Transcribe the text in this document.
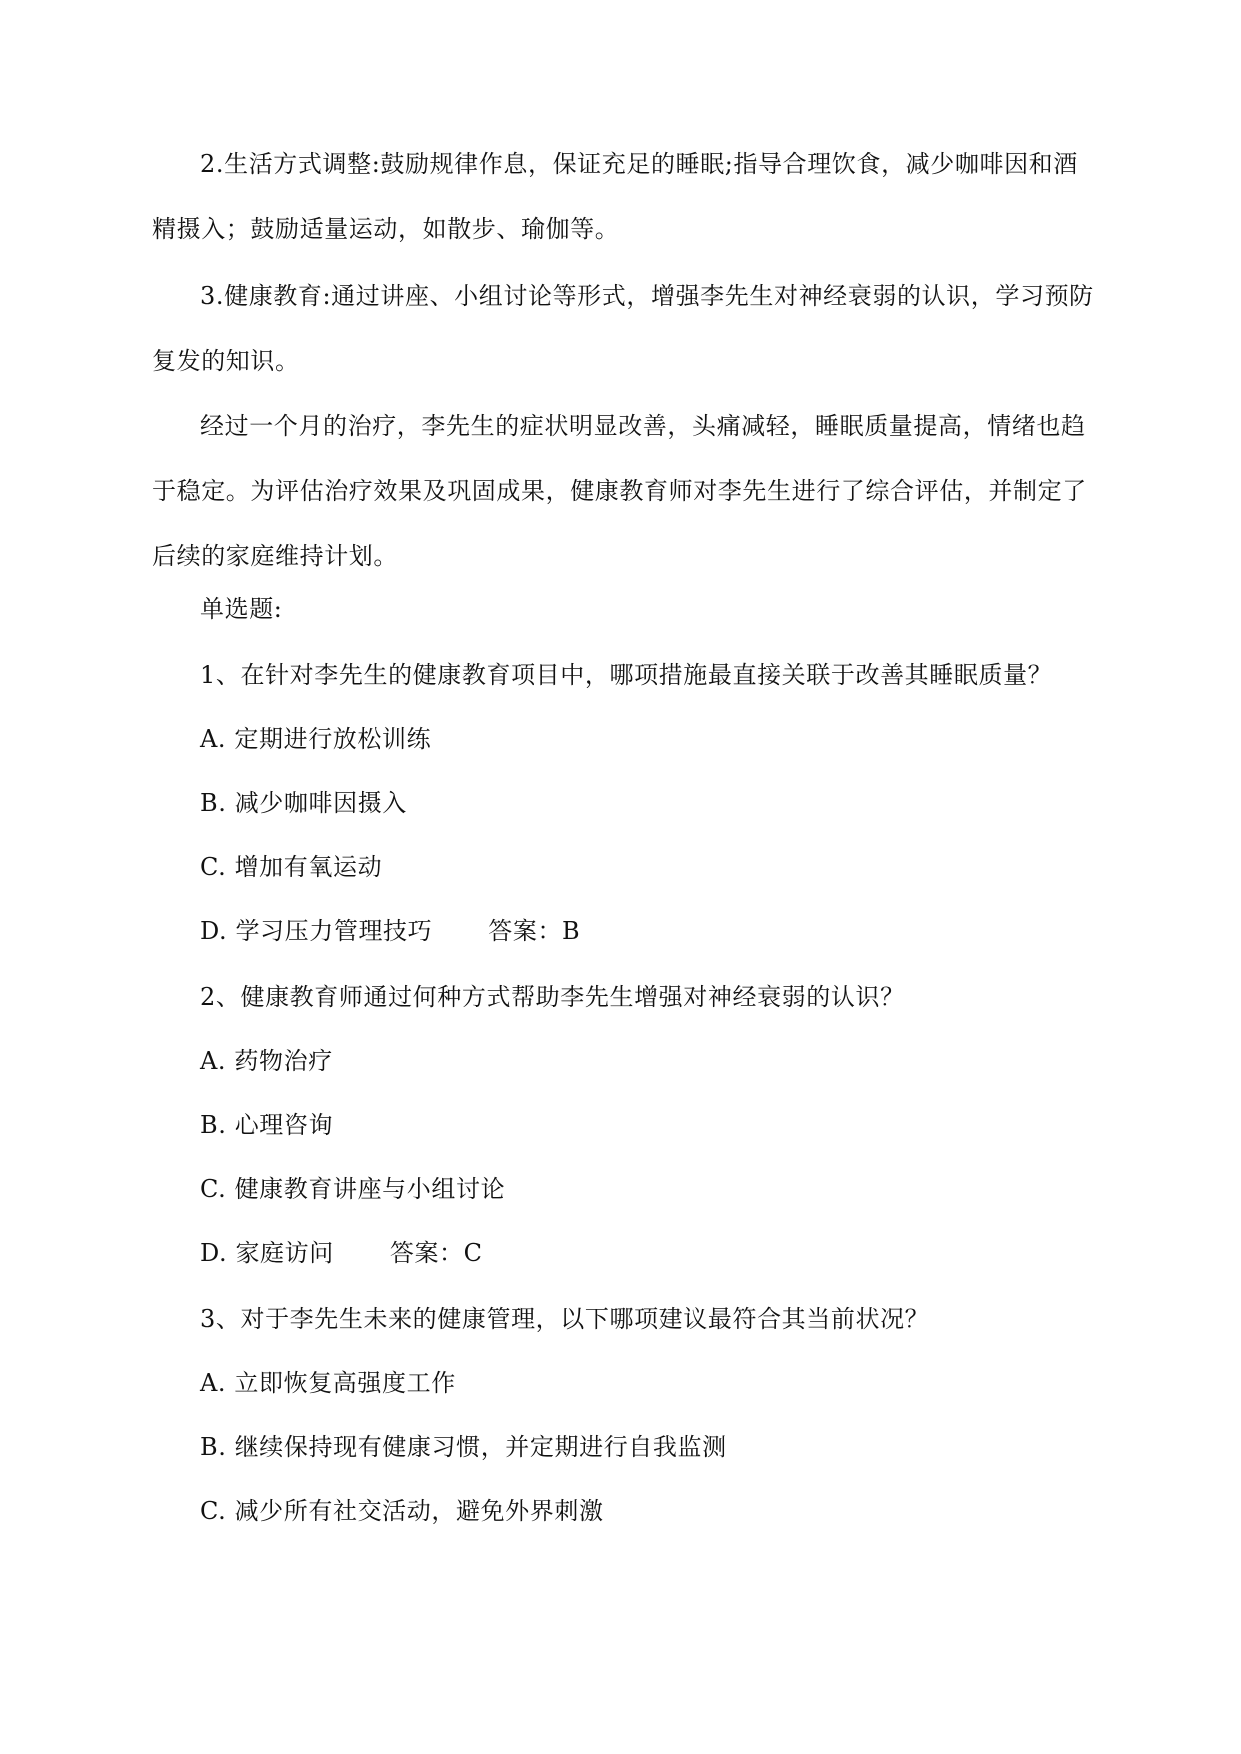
2.生活方式调整:鼓励规律作息，保证充足的睡眠;指导合理饮食，减少咖啡因和酒精摄入；鼓励适量运动，如散步、瑜伽等。

3.健康教育:通过讲座、小组讨论等形式，增强李先生对神经衰弱的认识，学习预防复发的知识。

经过一个月的治疗，李先生的症状明显改善，头痛减轻，睡眠质量提高，情绪也趋于稳定。为评估治疗效果及巩固成果，健康教育师对李先生进行了综合评估，并制定了后续的家庭维持计划。

单选题:

1、在针对李先生的健康教育项目中，哪项措施最直接关联于改善其睡眠质量？

A. 定期进行放松训练

B. 减少咖啡因摄入

C. 增加有氧运动

D. 学习压力管理技巧 答案：B

2、健康教育师通过何种方式帮助李先生增强对神经衰弱的认识？

A. 药物治疗

B. 心理咨询

C. 健康教育讲座与小组讨论

D. 家庭访问 答案：C

3、对于李先生未来的健康管理，以下哪项建议最符合其当前状况？

A. 立即恢复高强度工作

B. 继续保持现有健康习惯，并定期进行自我监测

C. 减少所有社交活动，避免外界刺激
